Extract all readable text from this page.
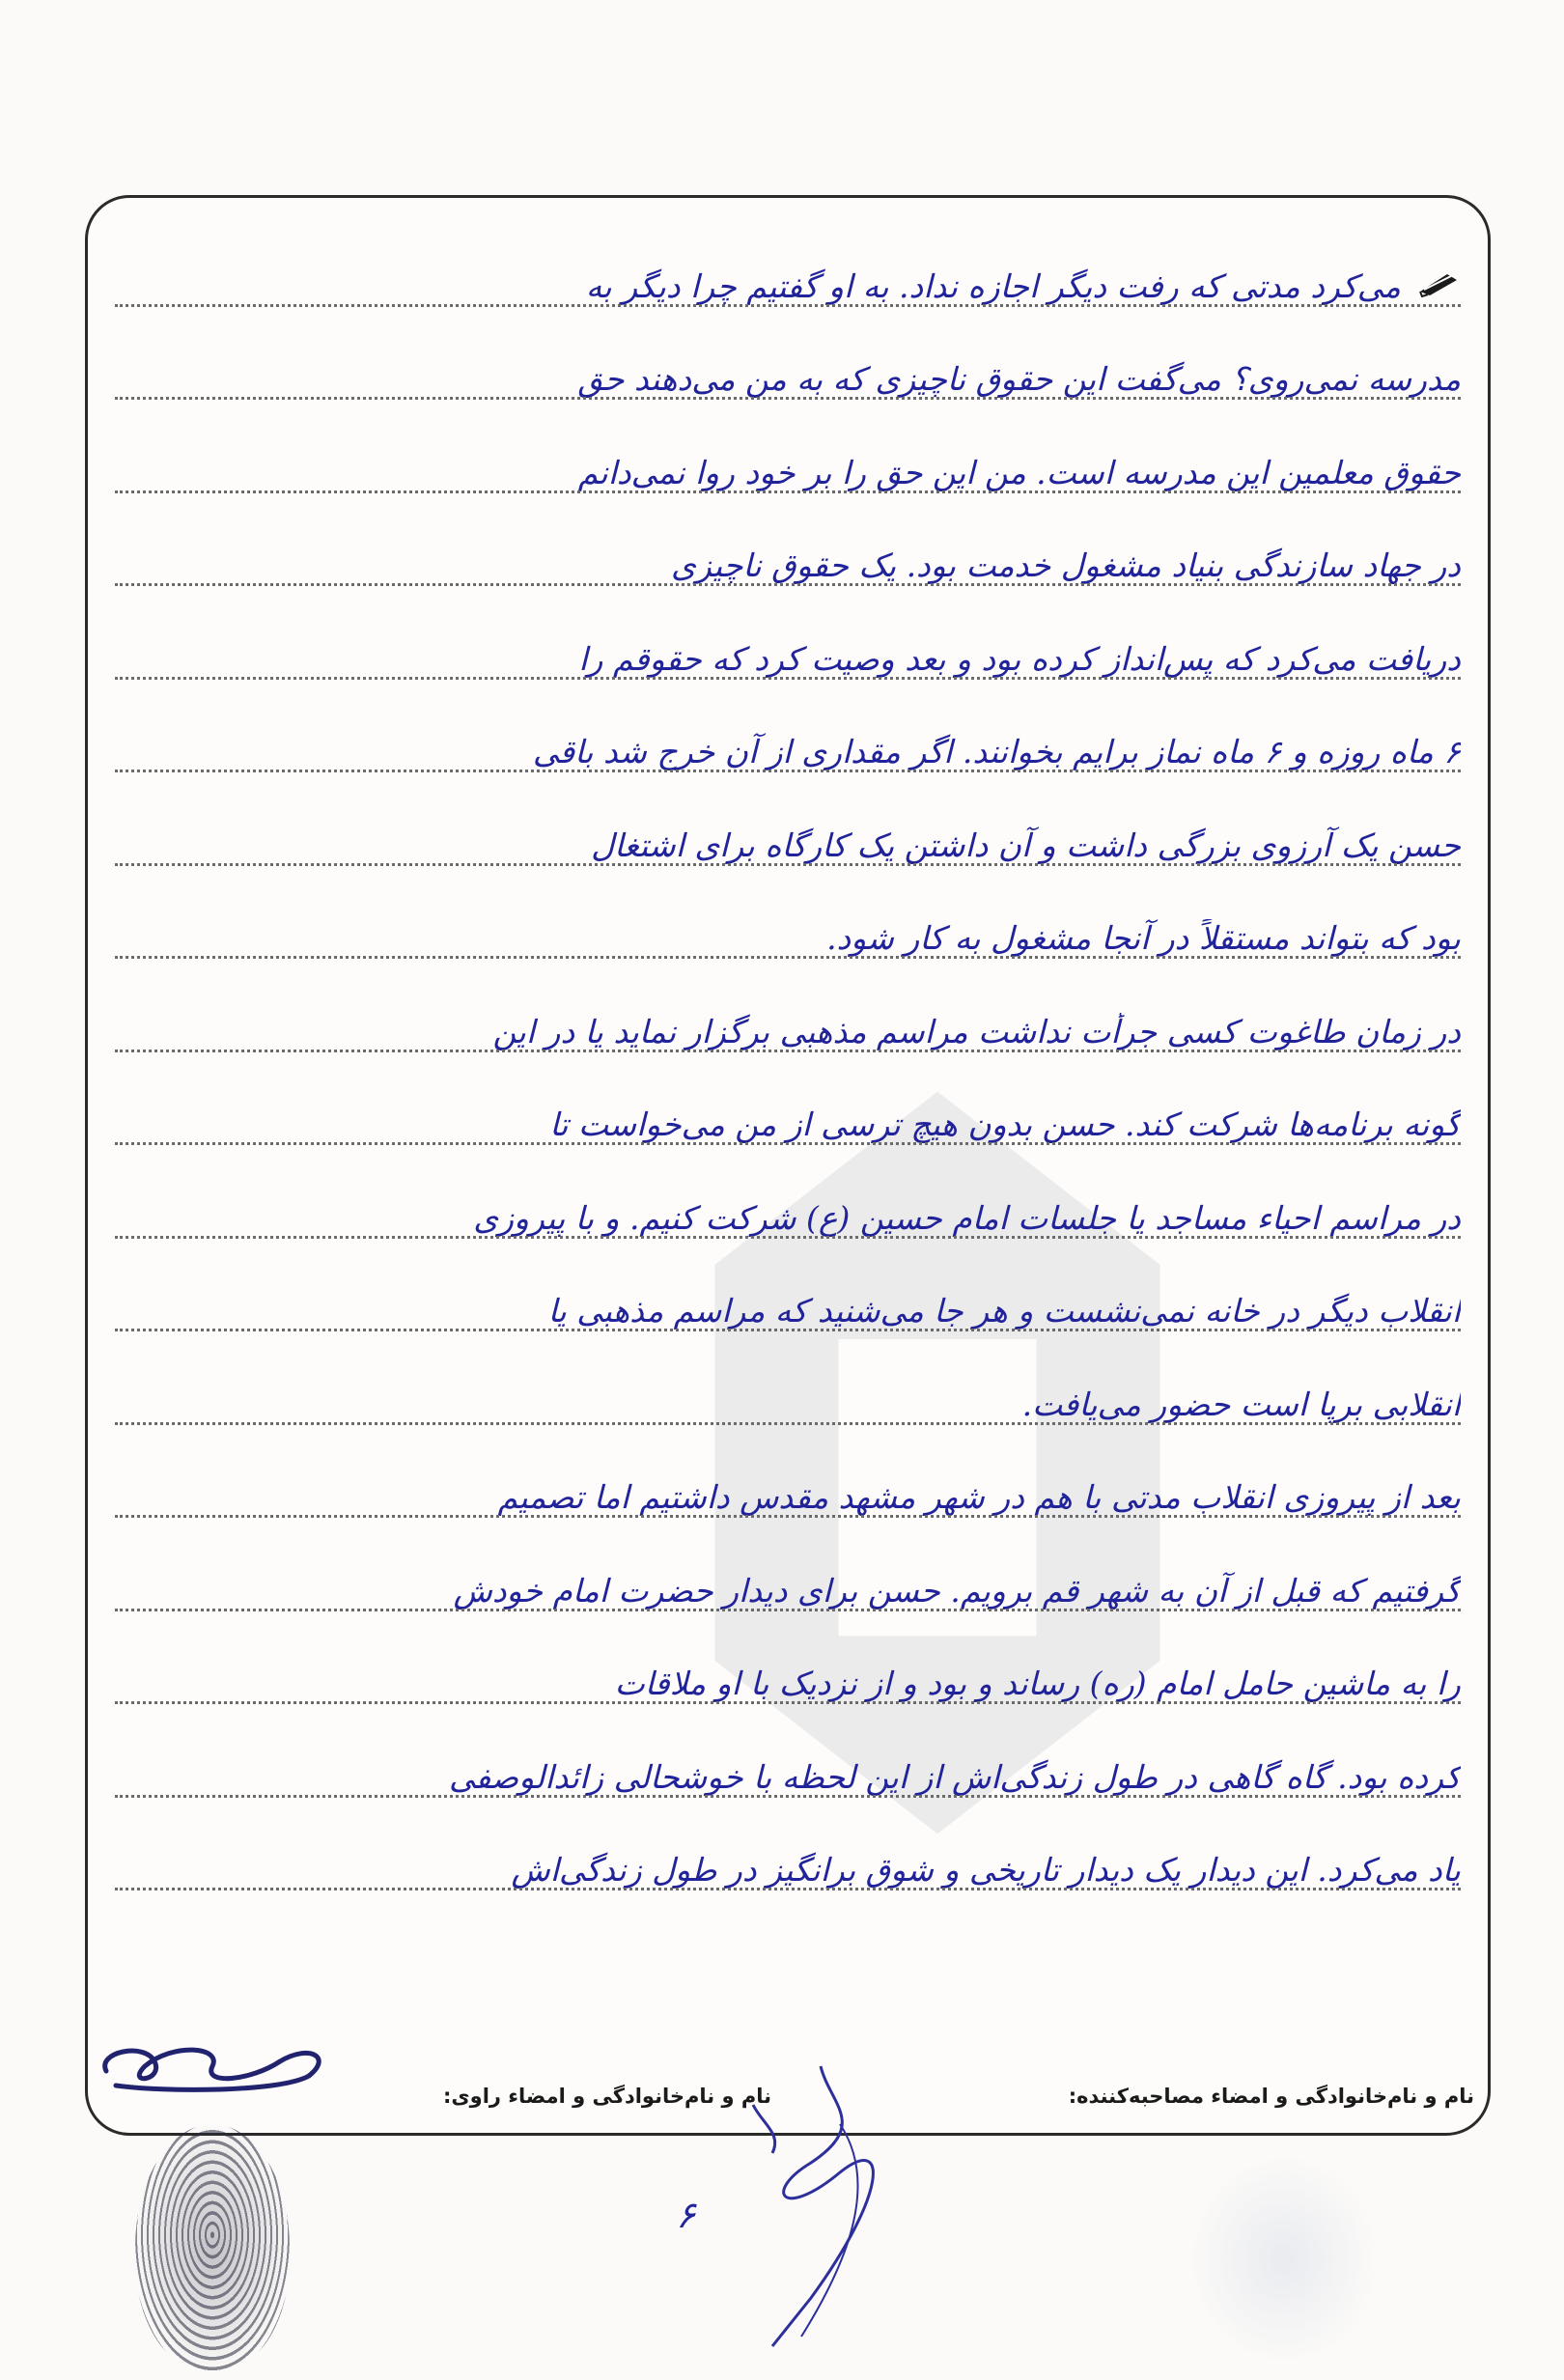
می‌کرد مدتی که رفت دیگر اجازه نداد. به او گفتیم چرا دیگر به
مدرسه نمی‌روی؟ می‌گفت این حقوق ناچیزی که به من می‌دهند حق
حقوق معلمین این مدرسه است. من این حق را بر خود روا نمی‌دانم
در جهاد سازندگی بنیاد مشغول خدمت بود. یک حقوق ناچیزی
دریافت می‌کرد که پس‌انداز کرده بود و بعد وصیت کرد که حقوقم را
۶ ماه روزه و ۶ ماه نماز برایم بخوانند. اگر مقداری از آن خرج شد باقی
حسن یک آرزوی بزرگی داشت و آن داشتن یک کارگاه برای اشتغال
بود که بتواند مستقلاً در آنجا مشغول به کار شود.
در زمان طاغوت کسی جرأت نداشت مراسم مذهبی برگزار نماید یا در این
گونه برنامه‌ها شرکت کند. حسن بدون هیچ ترسی از من می‌خواست تا
در مراسم احیاء مساجد یا جلسات امام حسین (ع) شرکت کنیم. و با پیروزی
انقلاب دیگر در خانه نمی‌نشست و هر جا می‌شنید که مراسم مذهبی یا
انقلابی برپا است حضور می‌یافت.
بعد از پیروزی انقلاب مدتی با هم در شهر مشهد مقدس داشتیم اما تصمیم
گرفتیم که قبل از آن به شهر قم برویم. حسن برای دیدار حضرت امام خودش
را به ماشین حامل امام (ره) رساند و بود و از نزدیک با او ملاقات
کرده بود. گاه گاهی در طول زندگی‌اش از این لحظه با خوشحالی زائدالوصفی
یاد می‌کرد. این دیدار یک دیدار تاریخی و شوق برانگیز در طول زندگی‌اش
نام و نام‌خانوادگی و امضاء مصاحبه‌کننده:
نام و نام‌خانوادگی و امضاء راوی:
۶
